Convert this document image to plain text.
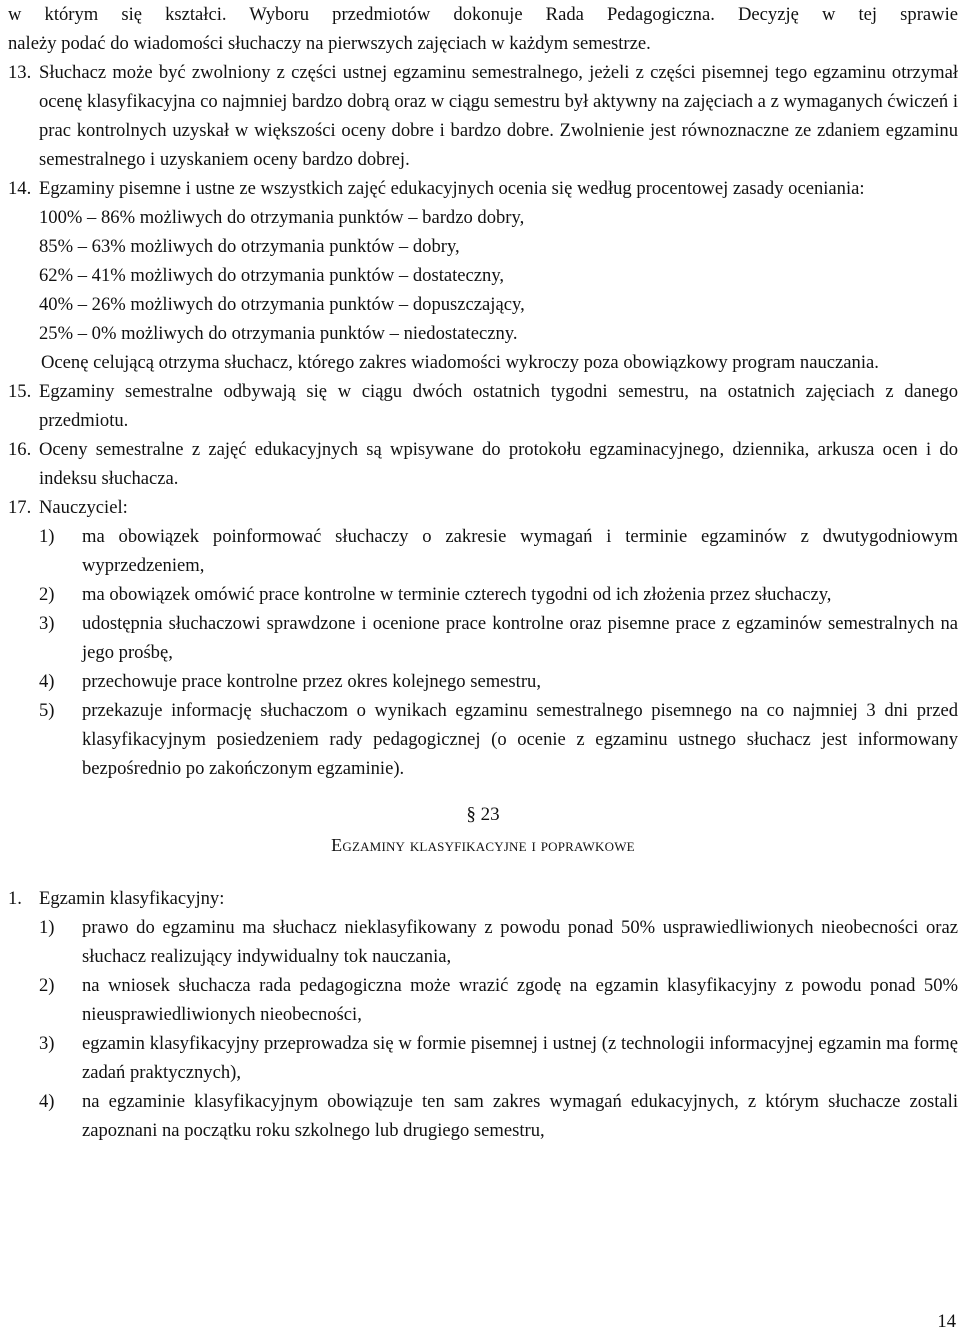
w którym się kształci. Wyboru przedmiotów dokonuje Rada Pedagogiczna. Decyzję w tej sprawie

należy podać do wiadomości słuchaczy na pierwszych zajęciach w każdym semestrze.

13. Słuchacz może być zwolniony z części ustnej egzaminu semestralnego, jeżeli z części pisemnej tego egzaminu otrzymał ocenę klasyfikacyjna co najmniej bardzo dobrą oraz w ciągu semestru był aktywny na zajęciach a z wymaganych ćwiczeń i prac kontrolnych uzyskał w większości oceny dobre i bardzo dobre. Zwolnienie jest równoznaczne ze zdaniem egzaminu semestralnego i uzyskaniem oceny bardzo dobrej.
14. Egzaminy pisemne i ustne ze wszystkich zajęć edukacyjnych ocenia się według procentowej zasady oceniania:

100% – 86% możliwych do otrzymania punktów – bardzo dobry,

85% – 63% możliwych do otrzymania punktów – dobry,

62% – 41% możliwych do otrzymania punktów – dostateczny,

40% – 26% możliwych do otrzymania punktów – dopuszczający,

25% – 0% możliwych do otrzymania punktów – niedostateczny.

Ocenę celującą otrzyma słuchacz, którego zakres wiadomości wykroczy poza obowiązkowy program nauczania.

15. Egzaminy semestralne odbywają się w ciągu dwóch ostatnich tygodni semestru, na ostatnich zajęciach z danego przedmiotu.
16. Oceny semestralne z zajęć edukacyjnych są wpisywane do protokołu egzaminacyjnego, dziennika, arkusza ocen i do indeksu słuchacza.
17. Nauczyciel:
1)	ma obowiązek poinformować słuchaczy o zakresie wymagań i terminie egzaminów z dwutygodniowym wyprzedzeniem,
2)	ma obowiązek omówić prace kontrolne w terminie czterech tygodni od ich złożenia przez słuchaczy,
3)	udostępnia słuchaczowi sprawdzone i ocenione prace kontrolne oraz pisemne prace z egzaminów semestralnych na jego prośbę,
4)	przechowuje prace kontrolne przez okres kolejnego semestru,
5)	przekazuje informację słuchaczom o wynikach egzaminu semestralnego pisemnego na co najmniej 3 dni przed klasyfikacyjnym posiedzeniem rady pedagogicznej (o ocenie z egzaminu ustnego słuchacz jest informowany bezpośrednio po zakończonym egzaminie).

§ 23

Egzaminy klasyfikacyjne i poprawkowe

1. Egzamin klasyfikacyjny:
1)	prawo do egzaminu ma słuchacz nieklasyfikowany z powodu ponad 50% usprawiedliwionych nieobecności oraz słuchacz realizujący indywidualny tok nauczania,
2)	na wniosek słuchacza rada pedagogiczna może wrazić zgodę na egzamin klasyfikacyjny z powodu ponad 50% nieusprawiedliwionych nieobecności,
3)	egzamin klasyfikacyjny przeprowadza się w formie pisemnej i ustnej (z technologii informacyjnej egzamin ma formę zadań praktycznych),
4)	na egzaminie klasyfikacyjnym obowiązuje ten sam zakres wymagań edukacyjnych, z którym słuchacze zostali zapoznani na początku roku szkolnego lub drugiego semestru,
14
